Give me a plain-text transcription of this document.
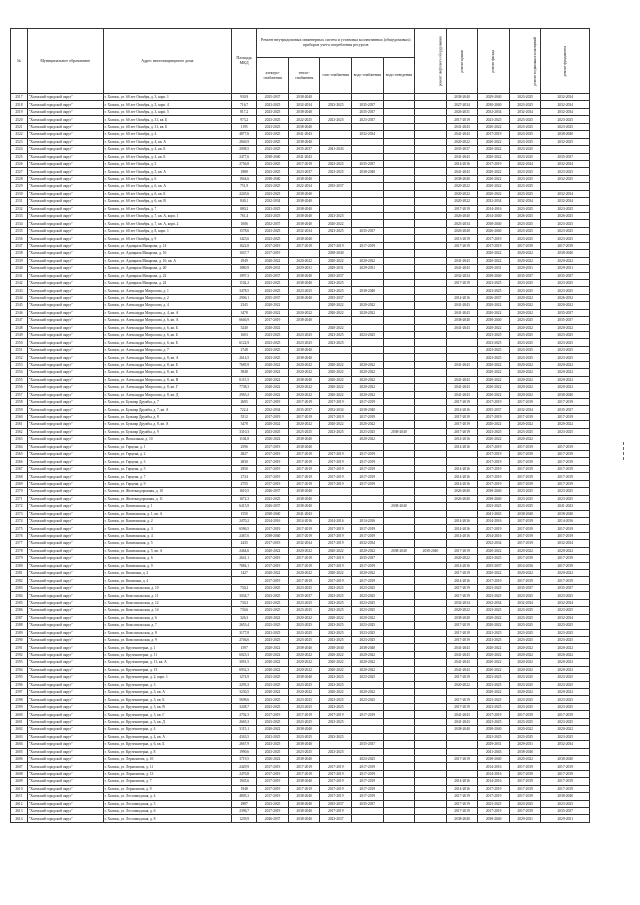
№	Муниципальное образование	Адрес многоквартирного дома	Площадь МКД	Ремонт внутридомовых инженерных систем и установка коллективных (общедомовых) приборов учета потребления ресурсов					ремонт лифтового оборудования	ремонт крыши	ремонт фасада	ремонт подвальных помещений	ремонт фундамента
				электро-снабжения	тепло-снабжения	газо-снабжения	водо-снабжения	водо-отведения					

2517	"Холмский городской округ"	г. Холмск, ул. 60 лет Октября, д. 3, корп. 1	930,9	2035-2037	2038-2040					2038-2040	2029-2040	2023-2025	2032-2034
2518	"Холмский городской округ"	г. Холмск, ул. 60 лет Октября, д. 3, корп. 4	716,7	2023-2025	2032-2034	2023-2025	2035-2037			2027-2034	2030-2040	2023-2025	2032-2034
2519	"Холмский городской округ"	г. Холмск, ул. 60 лет Октября, д. 3, корп. 5	817,2	2023-2025	2038-2040		2035-2037			2026-2031	2032-2034	2032-2034	2032-2034
2520	"Холмский городской округ"	г. Холмск, ул. 60 лет Октября, д. 31, кв. Б	973,2	2023-2025	2022-2025	2023-2025	2023-2037			2017-2019	2023-2025	2023-2025	2023-2025
2521	"Холмский городской округ"	г. Холмск, ул. 60 лет Октября, д. 31, кв. Б	1195	2023-2025	2038-2040					2041-2043	2020-2022	2023-2025	2023-2025
2522	"Холмский городской округ"	г. Холмск, ул. 60 лет Октября, д. 4	4877,6	2023-2025	2041-2043		2032-2034			2041-2043	2017-2019	2023-2025	2038-2040
2523	"Холмский городской округ"	г. Холмск, ул. 60 лет Октября, д. 4, кв. А	2840,9	2023-2025	2038-2040					2020-2022	2020-2022	2023-2025	2032-2025
2524	"Холмский городской округ"	г. Холмск, ул. 60 лет Октября, д. 4, кв. Б	2098,5	2023-2025	2035-2037	2041-2043				2035-2037	2020-2022	2023-2025	
2525	"Холмский городской округ"	г. Холмск, ул. 60 лет Октября, д. 4, кв. Б	2477,6	2038-2040	2041-2043					2041-2043	2020-2022	2023-2025	2035-2037
2526	"Холмский городской округ"	г. Холмск, ул. 60 лет Октября, д. 5	2756,8	2023-2025	2017-2019	2023-2025	2035-2037			2014-2016	2017-2019	2022-2024	2032-2034
2527	"Холмский городской округ"	г. Холмск, ул. 60 лет Октября, д. 5, кв. А	1888	2023-2025	2023-2037	2023-2025	2038-2040			2041-2043	2020-2022	2023-2025	2023-2025
2528	"Холмский городской округ"	г. Холмск, ул. 60 лет Октября, д. 6	1944,6	2038-2040	2038-2040					2038-2040	2020-2022	2023-2025	2032-2025
2529	"Холмский городской округ"	г. Холмск, ул. 60 лет Октября, д. 6, кв. А	751,9	2023-2025	2022-2034	2035-2037				2020-2022	2020-2022	2023-2025	
2530	"Холмский городской округ"	г. Холмск, ул. 60 лет Октября, д. 6, кв. Б	2245,6	2023-2025	2038-2040					2020-2022	2020-2022	2023-2025	2032-2034
2531	"Холмский городской округ"	г. Холмск, ул. 60 лет Октября, д. 6, кв. В	840,1	2032-2034	2038-2040					2020-2022	2032-2034	2032-2034	2032-2034
2532	"Холмский городской округ"	г. Холмск, ул. 60 лет Октября, д. 7	880,2	2023-2025	2038-2040					2017-2019	2014-2016	2023-2025	2023-2025
2533	"Холмский городской округ"	г. Холмск, ул. 60 лет Октября, д. 7, кв. А, корп. 1	761,4	2023-2025	2038-2040	2023-2025				2026-2040	2014-2040	2026-2025	2026-2025
2534	"Холмский городской округ"	г. Холмск, ул. 60 лет Октября, д. 7, кв. А, корп. 2	1006	2032-2037	2038-2040	2020-2022				2023-2034	2038-2040	2023-2025	2023-2025
2535	"Холмский городской округ"	г. Холмск, ул. 60 лет Октября, д. 8, корп. 1	1578,6	2023-2025	2032-2034	2023-2025	2035-2037			2026-2040	2026-2040	2023-2025	2023-2025
2536	"Холмский городской округ"	г. Холмск, ул. 60 лет Октября, д. 9	1425,6	2023-2025	2038-2040					2013-2019	2017-2019	2023-2025	2023-2025
2537	"Холмский городской округ"	г. Холмск, ул. Адмирала Макарова, д. 14	1622,8	2017-2019	2017-2019	2017-2019	2017-2019			2017-2019	2017-2019	2017-2019	2017-2019
2538	"Холмский городской округ"	г. Холмск, ул. Адмирала Макарова, д. 16	1047,7	2017-2019		2038-2040					2020-2022	2020-2022	2038-2040
2539	"Холмский городской округ"	г. Холмск, ул. Адмирала Макарова, д. 16, кв. А	2949	2020-2022	2020-2022	2020-2022	2020-2022			2041-2043	2020-2022	2020-2022	2020-2022
2540	"Холмский городской округ"	г. Холмск, ул. Адмирала Макарова, д. 20	1880,9	2029-2031	2029-2031	2029-2031	2029-2031			2041-2043	2029-2031	2029-2031	2029-2031
2541	"Холмский городской округ"	г. Холмск, ул. Адмирала Макарова, д. 22	1997,3	2035-2037	2038-2040	2035-2037				2032-2034	2038-2040	2035-2037	2035-2037
2542	"Холмский городской округ"	г. Холмск, ул. Адмирала Макарова, д. 24	1102,2	2023-2025	2038-2040	2023-2025				2017-2019	2023-2025	2023-2025	2023-2025
2543	"Холмский городской округ"	г. Холмск, ул. Александра Матросова, д. 1	3478,5	2023-2025	2023-2025	2023-2025	2038-2040				2023-2025	2023-2025	2023-2025
2544	"Холмский городской округ"	г. Холмск, ул. Александра Матросова, д. 2	2906,1	2035-2037	2038-2040	2035-2037				2014-2016	2026-2037	2020-2022	2026-2032
2545	"Холмский городской округ"	г. Холмск, ул. Александра Матросова, д. 4	2345	2020-2022		2020-2022	2020-2022			2041-2043	2020-2022	2020-2022	2020-2022
2546	"Холмский городской округ"	г. Холмск, ул. Александра Матросова, д. 4, кв. А	3478	2020-2022	2020-2022	2020-2022	2020-2022			2041-2043	2020-2022	2020-2022	2035-2037
2547	"Холмский городской округ"	г. Холмск, ул. Александра Матросова, д. 6, кв. А	6646,9	2017-2019	2038-2040					2038-2040	2038-2040	2023-2025	2035-2037
2548	"Холмский городской округ"	г. Холмск, ул. Александра Матросова, д. 6, кв. Б	5240	2020-2022		2020-2022				2041-2043	2020-2022	2020-2022	2020-2022
2549	"Холмский городской округ"	г. Холмск, ул. Александра Матросова, д. 6, кв. Б	1603	2023-2025	2023-2025	2023-2025	2023-2025				2023-2025	2023-2025	2023-2025
2550	"Холмский городской округ"	г. Холмск, ул. Александра Матросова, д. 6, кв. Б	6122,9	2023-2025	2023-2025	2023-2025					2023-2025	2023-2025	2023-2025
2551	"Холмский городской округ"	г. Холмск, ул. Александра Матросова, д. 7	2748	2023-2025	2038-2040						2023-2025	2023-2025	2023-2025
2552	"Холмский городской округ"	г. Холмск, ул. Александра Матросова, д. 8, кв. А	2614,5	2023-2025	2038-2040						2023-2025	2023-2025	2023-2025
2553	"Холмский городской округ"	г. Холмск, ул. Александра Матросова, д. 8, кв. Б	7685,9	2020-2022	2020-2022	2020-2022	2020-2022			2041-2043	2020-2022	2020-2022	2020-2022
2554	"Холмский городской округ"	г. Холмск, ул. Александра Матросова, д. 8, кв. Б	5848	2020-2022	2020-2022	2020-2022	2020-2022				2020-2022	2020-2022	2020-2022
2555	"Холмский городской округ"	г. Холмск, ул. Александра Матросова, д. 8, кв. В	6115,5	2020-2022	2038-2040	2020-2022	2020-2022			2041-2043	2020-2022	2020-2022	2020-2022
2556	"Холмский городской округ"	г. Холмск, ул. Александра Матросова, д. 8, кв. Г	7738,3	2020-2022	2020-2022	2020-2022	2020-2022			2041-2043	2020-2022	2020-2022	2020-2022
2557	"Холмский городской округ"	г. Холмск, ул. Александра Матросова, д. 8, кв. Д	2965,2	2020-2022	2020-2022	2020-2022	2020-2022			2041-2043	2020-2022	2020-2022	2038-2040
2558	"Холмский городской округ"	г. Холмск, ул. Бульвар Дружбы, д. 7	2695	2017-2019	2017-2019	2017-2019	2017-2019			2017-2019	2017-2019	2017-2019	2017-2019
2559	"Холмский городской округ"	г. Холмск, ул. Бульвар Дружбы, д. 7, кв. А	722,4	2032-2034	2035-2037	2032-2034	2038-2040			2014-2016	2035-2037	2032-2034	2035-2037
2560	"Холмский городской округ"	г. Холмск, ул. Бульвар Дружбы, д. 8	5512	2017-2019	2017-2019	2017-2019	2017-2019			2017-2019	2017-2019	2017-2019	2017-2019
2561	"Холмский городской округ"	г. Холмск, ул. Бульвар Дружбы, д. 8, кв. А	3478	2020-2022	2020-2022	2020-2022	2020-2022			2017-2019	2020-2022	2020-2022	2020-2022
2562	"Холмский городской округ"	г. Холмск, ул. Бульвар Дружбы, д. 9	3310,3	2023-2025	2023-2025	2023-2025	2023-2025	2038-2040		2017-2019	2023-2025	2023-2025	2023-2025
2563	"Холмский городской округ"	г. Холмск, ул. Вокзальная, д. 10	1104,8	2020-2022	2038-2040		2020-2022			2014-2016	2020-2022	2020-2022	
2564	"Холмский городской округ"	г. Холмск, ул. Герцена, д. 1	2596	2017-2019	2038-2040					2014-2016	2017-2019	2017-2019	2017-2019
2565	"Холмский городской округ"	г. Холмск, ул. Герцена, д. 2	2827	2017-2019	2017-2019	2017-2019	2017-2019				2017-2019	2017-2019	2017-2019
2566	"Холмский городской округ"	г. Холмск, ул. Герцена, д. 3	2830	2017-2019	2017-2019	2017-2019	2017-2019				2017-2019	2017-2019	2017-2019
2567	"Холмский городской округ"	г. Холмск, ул. Герцена, д. 5	2950	2017-2019	2017-2019	2017-2019	2017-2019			2014-2016	2017-2019	2017-2019	2017-2019
2568	"Холмский городской округ"	г. Холмск, ул. Герцена, д. 7	2734	2017-2019	2017-2019	2017-2019	2017-2019			2014-2016	2017-2019	2017-2019	2017-2019
2569	"Холмский городской округ"	г. Холмск, ул. Герцена, д. 9	2755	2017-2019	2017-2019	2017-2019	2017-2019			2014-2016	2017-2019	2017-2019	2017-2019
2570	"Холмский городской округ"	г. Холмск, ул. Железнодорожная, д. 10	1610,5	2026-2037	2038-2040					2026-2040	2038-2040	2023-2025	2023-2025
2571	"Холмский городской округ"	г. Холмск, ул. Железнодорожная, д. 11	1672,3	2023-2025	2038-2040					2026-2040	2038-2040	2023-2025	2023-2025
2572	"Холмский городской округ"	г. Холмск, ул. Капитанская, д. 1	6415,9	2026-2037	2038-2040			2038-2040			2023-2025	2023-2025	2041-2043
2573	"Холмский городской округ"	г. Холмск, ул. Капитанская, д. 1, кв. А	1550	2038-2040	2041-2043						2041-2043	2038-2040	2038-2040
2574	"Холмский городской округ"	г. Холмск, ул. Капитанская, д. 2	2470,2	2014-2016	2014-2016	2014-2016	2014-2016			2014-2016	2014-2016	2017-2019	2014-2016
2575	"Холмский городской округ"	г. Холмск, ул. Капитанская, д. 3	6586,5	2017-2019	2017-2019	2017-2019	2017-2019			2014-2016	2017-2019	2017-2019	2017-2019
2576	"Холмский городской округ"	г. Холмск, ул. Капитанская, д. 4	2467,6	2038-2040	2017-2019	2017-2019	2017-2019			2014-2016	2014-2016	2017-2019	2017-2019
2577	"Холмский городской округ"	г. Холмск, ул. Капитанская, д. 5	2435	2017-2019	2032-2034	2017-2019	2032-2034				2032-2034	2017-2019	2032-2034
2578	"Холмский городской округ"	г. Холмск, ул. Капитанская, д. 5, кв. А	2464,6	2020-2022	2020-2022	2020-2022	2020-2022	2038-2040	2038-2040	2017-2019	2020-2022	2020-2022	2020-2022
2579	"Холмский городской округ"	г. Холмск, ул. Капитанская, д. 6	2641,1	2017-2019	2017-2019	2017-2019	2035-2037			2020-2022	2023-2025	2017-2019	2017-2019
2580	"Холмский городской округ"	г. Холмск, ул. Капитанская, д. 9	7884,1	2017-2019	2017-2019	2017-2019	2017-2019			2014-2016	2035-2037	2014-2016	2017-2019
2581	"Холмский городской округ"	г. Холмск, ул. Кичигина, д. 2	1427	2020-2022	2020-2022	2020-2022	2020-2022			2017-2019	2020-2022	2020-2022	2020-2022
2582	"Холмский городской округ"	г. Холмск, ул. Кичигина, д. 4		2017-2019	2017-2019	2017-2019	2017-2019			2014-2016	2017-2019	2017-2019	2017-2019
2583	"Холмский городской округ"	г. Холмск, ул. Комсомольская, д. 10	730,2	2023-2025	2023-2025	2023-2025	2023-2025			2017-2019	2023-2025	2035-2037	2035-2037
2584	"Холмский городской округ"	г. Холмск, ул. Комсомольская, д. 11	3034,7	2023-2025	2035-2037	2023-2025	2023-2025			2017-2019	2023-2025	2023-2025	2023-2025
2585	"Холмский городской округ"	г. Холмск, ул. Комсомольская, д. 12	730,3	2023-2025	2023-2025	2023-2025	2023-2025			2032-2034	2032-2034	2032-2034	2032-2034
2586	"Холмский городской округ"	г. Холмск, ул. Комсомольская, д. 14	730,6	2023-2025	2023-2025	2023-2025	2023-2025			2020-2022	2023-2025	2023-2025	2023-2025
2587	"Холмский городской округ"	г. Холмск, ул. Комсомольская, д. 6	326,3	2020-2022	2020-2022	2020-2022	2020-2022			2038-2040	2020-2022	2023-2025	2032-2034
2588	"Холмский городской округ"	г. Холмск, ул. Комсомольская, д. 7	2653,4	2023-2025	2023-2025	2023-2025	2023-2025			2017-2019	2020-2022	2023-2025	2023-2025
2589	"Холмский городской округ"	г. Холмск, ул. Комсомольская, д. 8	3177,8	2023-2025	2023-2025	2023-2025	2023-2025			2017-2019	2023-2025	2023-2025	2023-2025
2590	"Холмский городской округ"	г. Холмск, ул. Комсомольская, д. 9	2746,6	2023-2025	2023-2025	2023-2025	2023-2025			2017-2019	2023-2025	2023-2025	2023-2025
2591	"Холмский городской округ"	г. Холмск, ул. Крузенштерна, д. 1	1597	2020-2022	2038-2040	2038-2040	2038-2040			2041-2043	2020-2022	2020-2022	2020-2022
2592	"Холмский городской округ"	г. Холмск, ул. Крузенштерна, д. 11	6023,3	2020-2022	2020-2022	2020-2022	2020-2022			2041-2043	2020-2022	2020-2022	2020-2022
2593	"Холмский городской округ"	г. Холмск, ул. Крузенштерна, д. 11, кв. А	3091,5	2020-2022	2020-2022	2020-2022	2020-2022			2041-2043	2020-2022	2020-2022	2020-2022
2594	"Холмский городской округ"	г. Холмск, ул. Крузенштерна, д. 13	6932,3	2020-2022	2020-2022	2020-2022	2020-2022			2041-2043	2020-2022	2020-2022	2020-2022
2595	"Холмский городской округ"	г. Холмск, ул. Крузенштерна, д. 2, корп. 1	1274,9	2023-2025	2038-2040	2023-2025	2023-2025			2017-2019	2023-2025	2023-2025	2023-2025
2596	"Холмский городской округ"	г. Холмск, ул. Крузенштерна, д. 3	2293,3	2023-2025	2023-2025	2023-2025				2020-2022	2023-2025	2023-2025	2023-2025
2597	"Холмский городской округ"	г. Холмск, ул. Крузенштерна, д. 3, кв. А	3230,5	2020-2022	2020-2022	2020-2022	2020-2022				2020-2022	2020-2022	2020-2022
2598	"Холмский городской округ"	г. Холмск, ул. Крузенштерна, д. 3, кв. Б	5698,6	2023-2025	2023-2025	2023-2025	2023-2025			2017-2019	2023-2025	2023-2025	2023-2025
2599	"Холмский городской округ"	г. Холмск, ул. Крузенштерна, д. 3, кв. В	3248,7	2023-2025	2023-2025	2023-2025				2017-2019	2023-2025	2023-2025	2023-2025
2600	"Холмский городской округ"	г. Холмск, ул. Крузенштерна, д. 3, кв. Г	2792,3	2017-2019	2017-2019	2017-2019	2017-2019			2041-2043	2017-2019	2017-2019	2017-2019
2601	"Холмский городской округ"	г. Холмск, ул. Крузенштерна, д. 3, кв. Д	2665,3	2023-2025	2023-2025	2023-2025				2041-2043	2023-2025	2023-2025	2023-2025
2602	"Холмский городской округ"	г. Холмск, ул. Крузенштерна, д. 4	3115,1	2020-2022	2038-2040					2038-2040	2038-2040	2020-2022	2020-2022
2603	"Холмский городской округ"	г. Холмск, ул. Крузенштерна, д. 4, кв. А	4343,5	2023-2025	2023-2025	2023-2025					2023-2025	2023-2025	2023-2025
2604	"Холмский городской округ"	г. Холмск, ул. Крузенштерна, д. 6, кв. Б	2667,9	2023-2025	2038-2040		2035-2037				2029-2031	2029-2031	2032-2034
2605	"Холмский городской округ"	г. Холмск, ул. Крузенштерна, д. 8	1990,6	2023-2025	2023-2025	2023-2025					2041-2043	2038-2040	
2606	"Холмский городской округ"	г. Холмск, ул. Лермонтова, д. 10	3719,5	2020-2022	2038-2040		2023-2025			2017-2019	2038-2040	2020-2022	2038-2040
2607	"Холмский городской округ"	г. Холмск, ул. Лермонтова, д. 11	2429,9	2017-2019	2017-2019	2017-2019	2017-2019				2014-2016	2017-2019	2017-2019
2608	"Холмский городской округ"	г. Холмск, ул. Лермонтова, д. 13	2470,8	2017-2019	2017-2019	2017-2019	2017-2019				2014-2016	2017-2019	2017-2019
2609	"Холмский городской округ"	г. Холмск, ул. Лермонтова, д. 7	1945,6	2017-2019	2038-2040	2017-2019	2017-2019			2014-2016	2014-2016	2017-2019	2017-2019
2610	"Холмский городской округ"	г. Холмск, ул. Лермонтова, д. 9	1948	2017-2019	2017-2019	2017-2019	2017-2019			2014-2016	2017-2019	2017-2019	2017-2019
2611	"Холмский городской округ"	г. Холмск, ул. Лесозаводская, д. 4	4805,3	2017-2019	2038-2040	2017-2019	2017-2019			2017-2019	2017-2019	2017-2019	2038-2040
2612	"Холмский городской округ"	г. Холмск, ул. Лесозаводская, д. 5	2987	2023-2025	2038-2040	2035-2037	2035-2037			2017-2019	2023-2025	2023-2025	2023-2025
2613	"Холмский городской округ"	г. Холмск, ул. Лесозаводская, д. 6	2396,7	2017-2019	2038-2040	2017-2019				2017-2019	2017-2019	2017-2019	2035-2037
2614	"Холмский городской округ"	г. Холмск, ул. Лесозаводская, д. 8	1239,9	2026-2037	2038-2040	2023-2037				2038-2040	2038-2040	2029-2031	2029-2031
